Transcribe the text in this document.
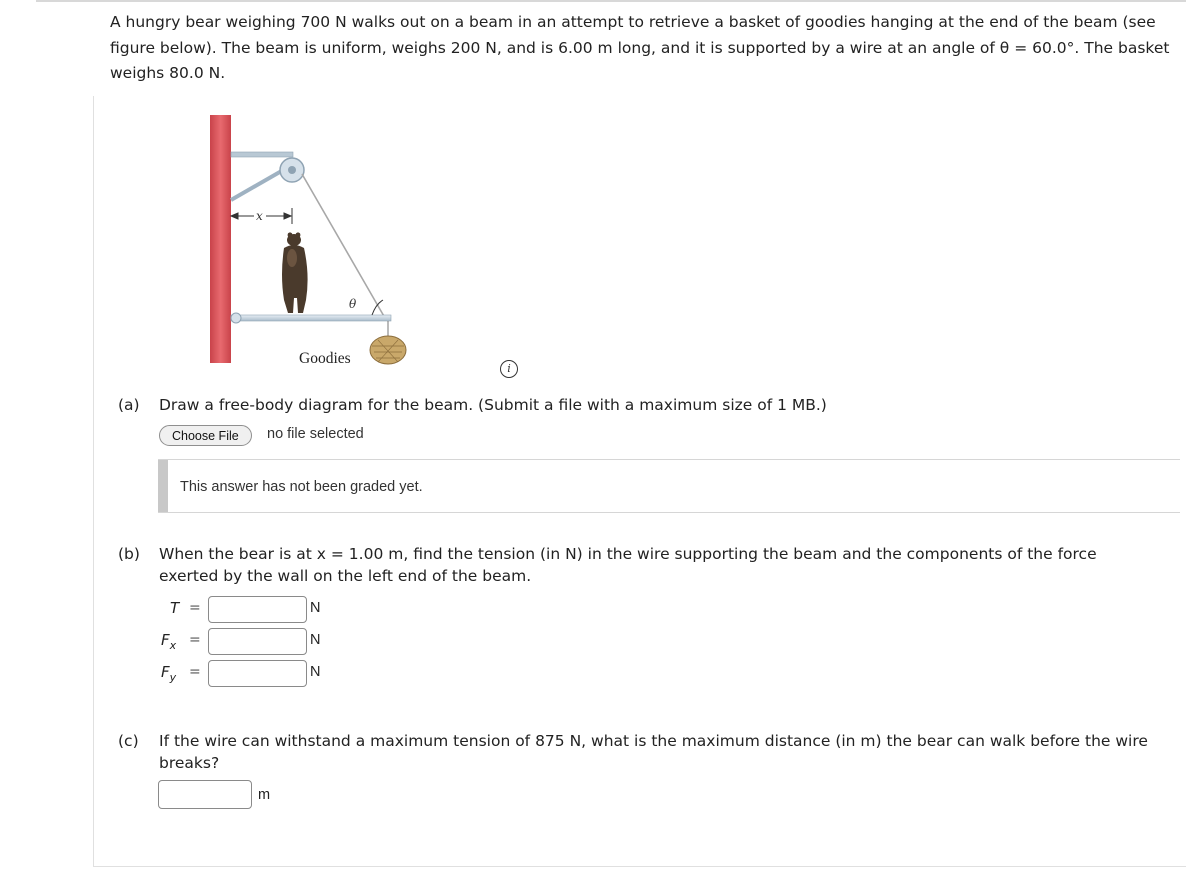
A hungry bear weighing 700 N walks out on a beam in an attempt to retrieve a basket of goodies hanging at the end of the beam (see figure below). The beam is uniform, weighs 200 N, and is 6.00 m long, and it is supported by a wire at an angle of θ = 60.0°. The basket weighs 80.0 N.
x
θ
Goodies
i
(a) Draw a free-body diagram for the beam. (Submit a file with a maximum size of 1 MB.)
Choose File	no file selected
This answer has not been graded yet.
(b) When the bear is at x = 1.00 m, find the tension (in N) in the wire supporting the beam and the components of the force exerted by the wall on the left end of the beam.
T =	N
$F_x$ =	N
$F_y$ =	N
(c) If the wire can withstand a maximum tension of 875 N, what is the maximum distance (in m) the bear can walk before the wire breaks?
m
